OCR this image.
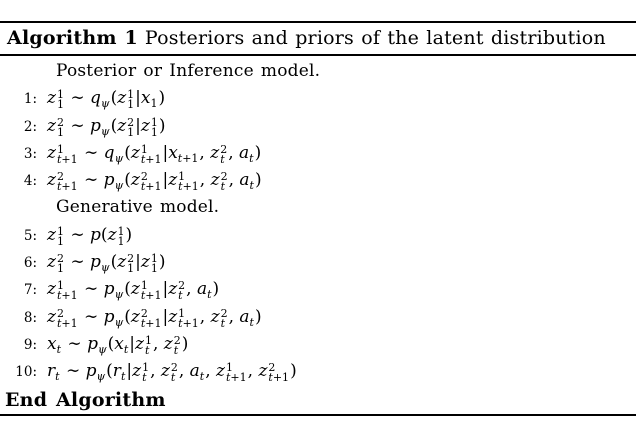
Algorithm 1 Posteriors and priors of the latent distribution
Posterior or Inference model.
1: z 1
1 ∼ $q_\psi(z$ 1
1 $|x_1$)
2: z 2
1 ∼ $p_\psi(z$ 2
1 |z 1
1 )
3: z 1
t+1 ∼ $q_\psi(z$ 1
t+1 $|x_{t+1}$, z 2
t , $a_t$)
4: z 2
t+1 ∼ $p_\psi(z$ 2
t+1 |z 1
t+1 , z 2
t , $a_t$)
Generative model.
5: z 1
1 ∼ p(z 1
1 )
6: z 2
1 ∼ $p_\psi(z$ 2
1 |z 1
1 )
7: z 1
t+1 ∼ $p_\psi(z$ 1
t+1 |z 2
t , $a_t$)
8: z 2
t+1 ∼ $p_\psi(z$ 2
t+1 |z 1
t+1 , z 2
t , $a_t$)
9: $x_t$ ∼ $p_\psi(x_t|z$ 1
t , z 2
t )
10: $r_t$ ∼ $p_\psi(r_t|z$ 1
t , z 2
t , $a_t$, z 1
t+1 , z 2
t+1 )
End Algorithm
